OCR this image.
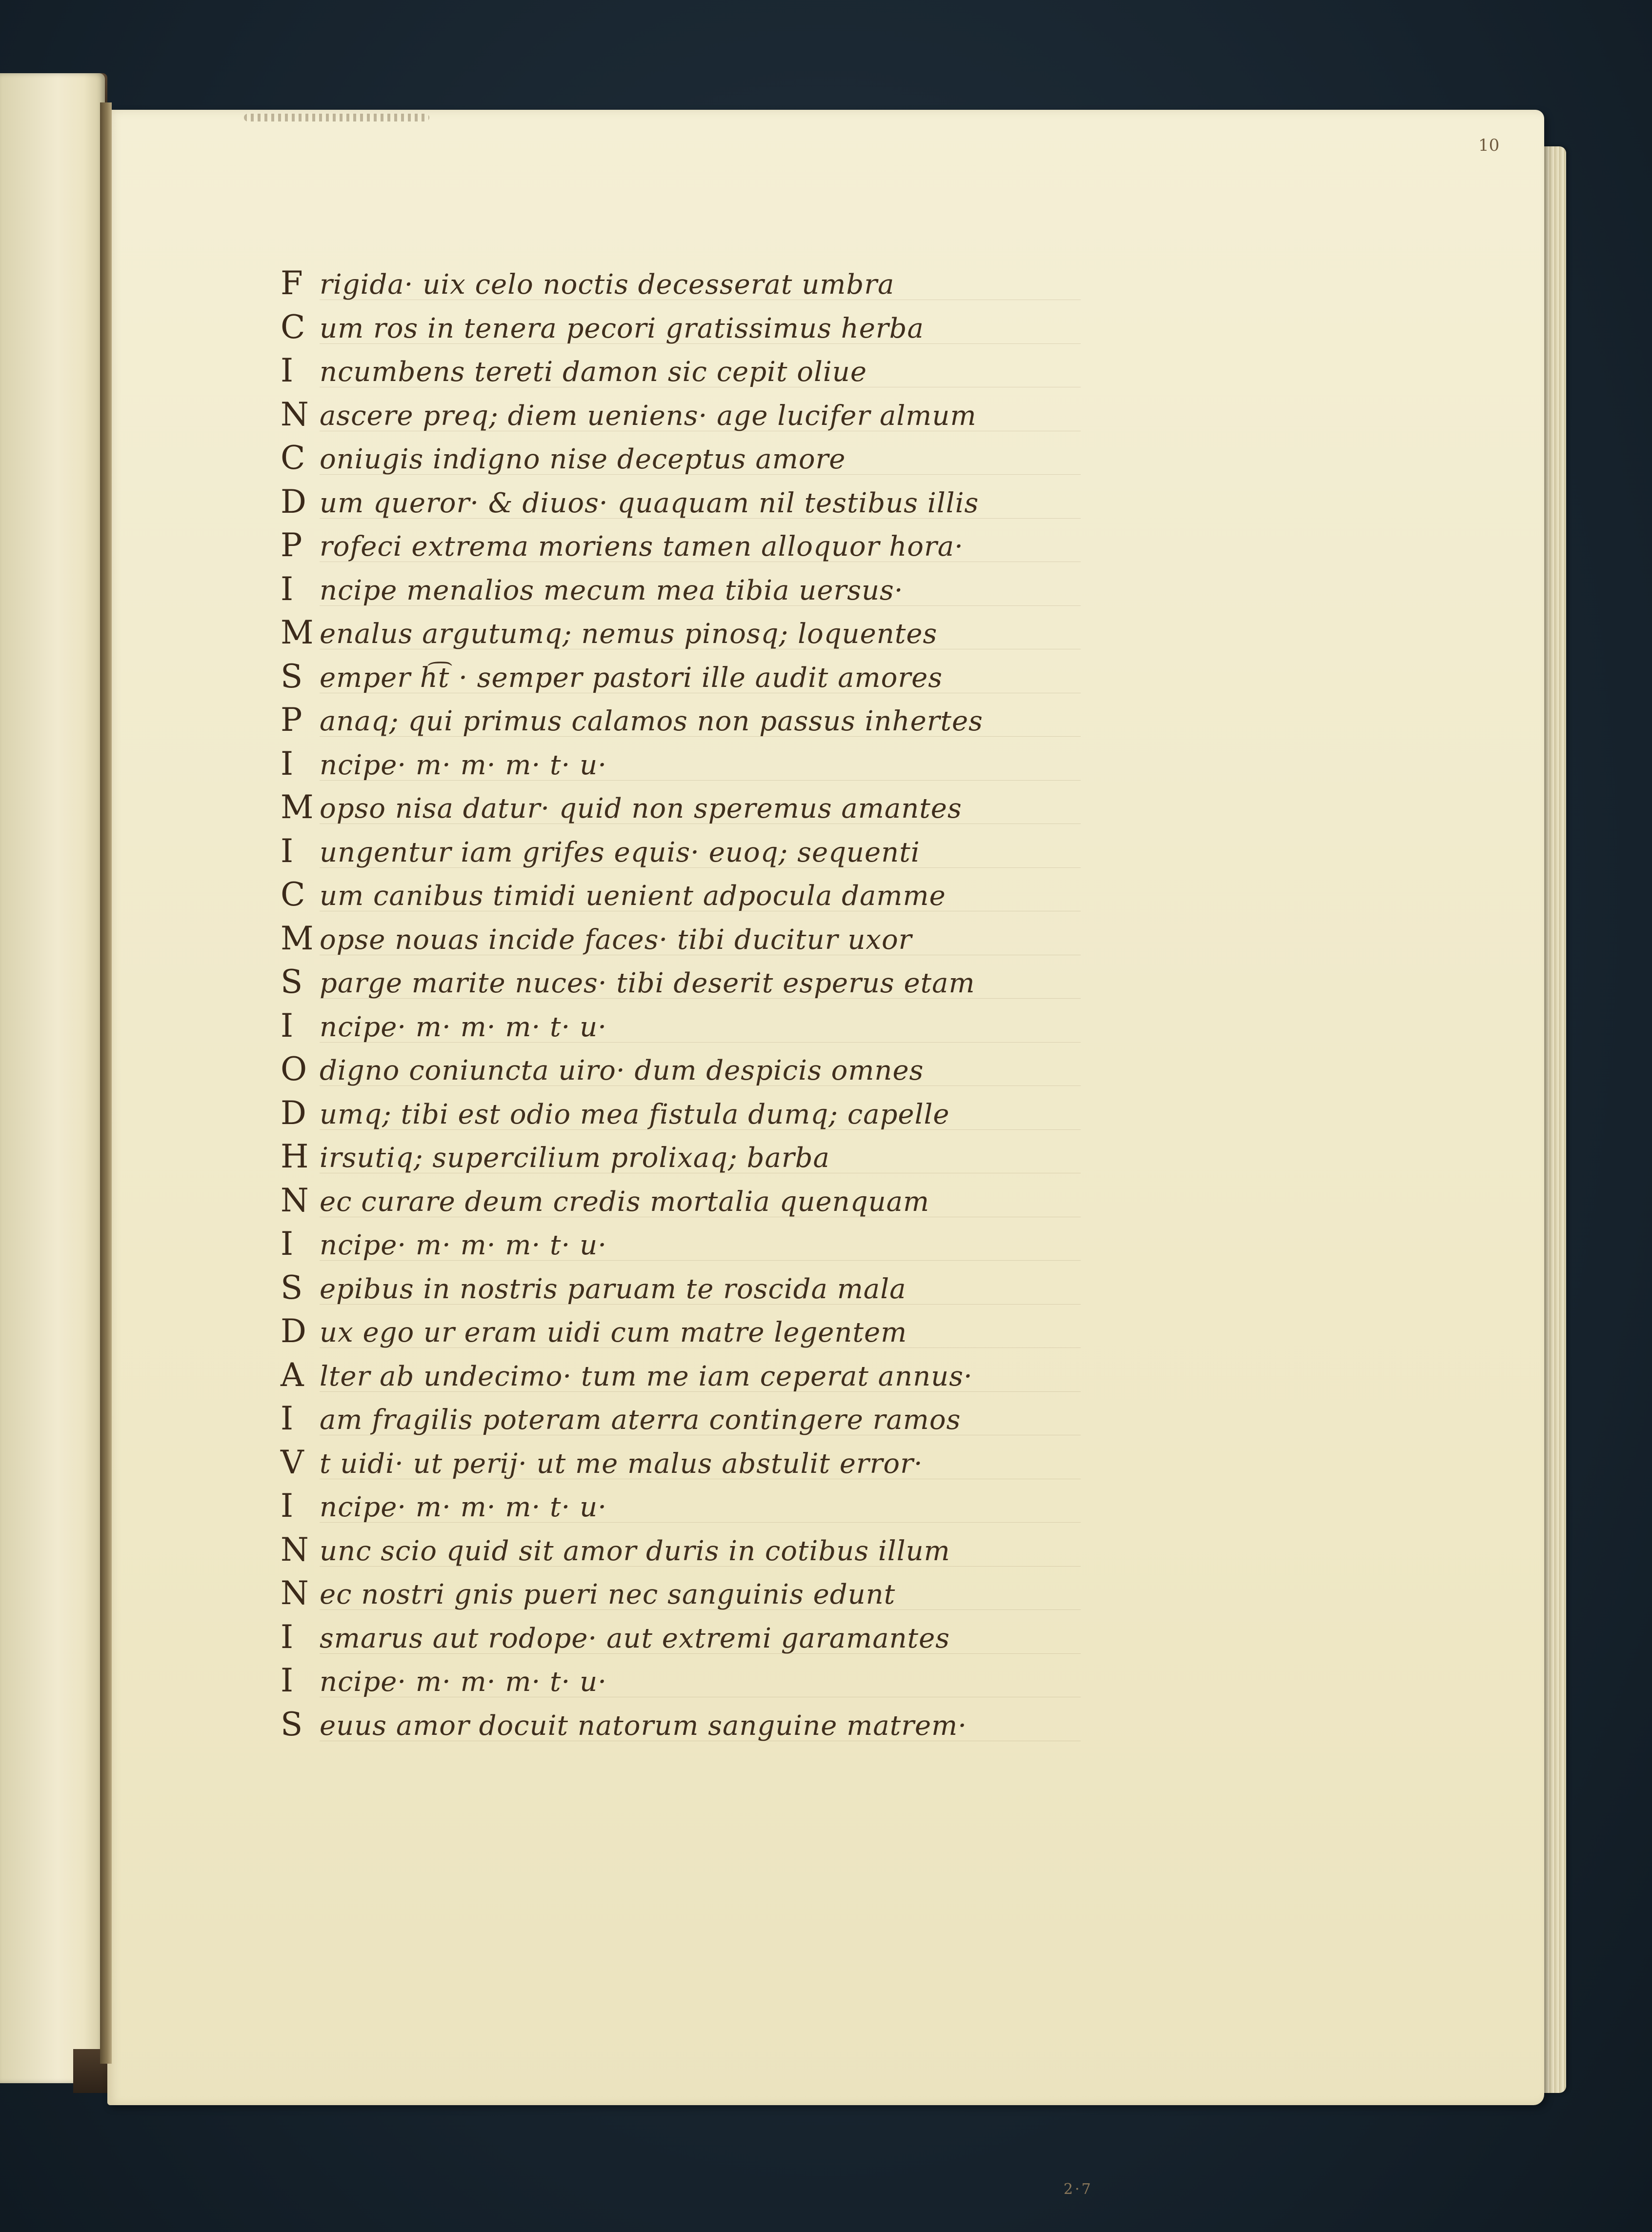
10
F rigida· uix celo noctis decesserat umbra
C um ros in tenera pecori gratissimus herba
I ncumbens tereti damon sic cepit oliue
N ascere preq; diem ueniens· age lucifer almum
C oniugis indigno nise deceptus amore
D um queror· & diuos· quaquam nil testibus illis
P rofeci extrema moriens tamen alloquor hora·
I ncipe menalios mecum mea tibia uersus·
M enalus argutumq; nemus pinosq; loquentes
S emper h͡t · semper pastori ille audit amores
P anaq; qui primus calamos non passus inhertes
I ncipe· m· m· m· t· u·
M opso nisa datur· quid non speremus amantes
I ungentur iam grifes equis· euoq; sequenti
C um canibus timidi uenient adpocula damme
M opse nouas incide faces· tibi ducitur uxor
S parge marite nuces· tibi deserit esperus etam
I ncipe· m· m· m· t· u·
O digno coniuncta uiro· dum despicis omnes
D umq; tibi est odio mea fistula dumq; capelle
H irsutiq; supercilium prolixaq; barba
N ec curare deum credis mortalia quenquam
I ncipe· m· m· m· t· u·
S epibus in nostris paruam te roscida mala
D ux ego ur eram uidi cum matre legentem
A lter ab undecimo· tum me iam ceperat annus·
I am fragilis poteram aterra contingere ramos
V t uidi· ut perij· ut me malus abstulit error·
I ncipe· m· m· m· t· u·
N unc scio quid sit amor duris in cotibus illum
N ec nostri gnis pueri nec sanguinis edunt
I smarus aut rodope· aut extremi garamantes
I ncipe· m· m· m· t· u·
S euus amor docuit natorum sanguine matrem·
2·7
